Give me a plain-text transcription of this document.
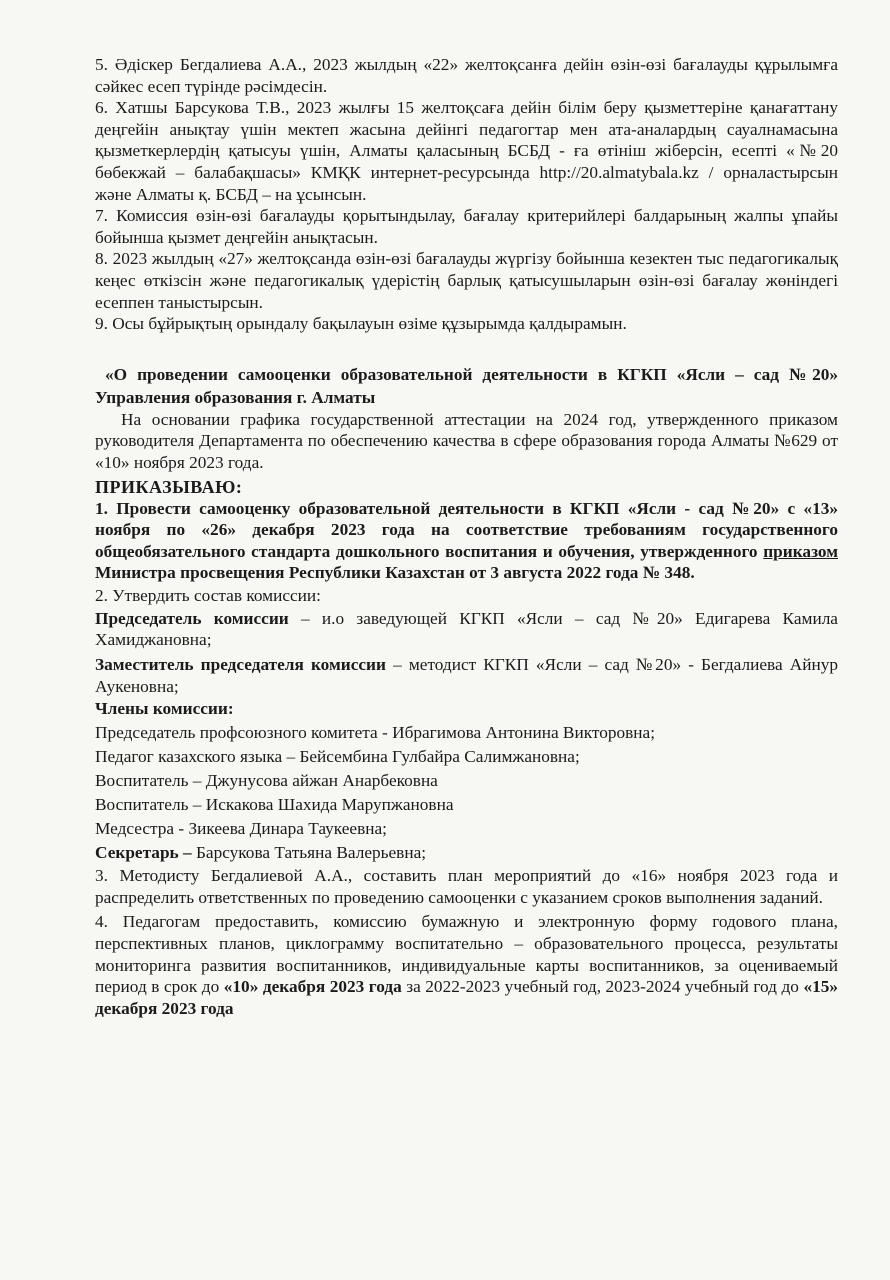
5. Әдіскер Бегдалиева А.А., 2023 жылдың «22» желтоқсанға дейін өзін-өзі бағалауды құрылымға сәйкес есеп түрінде рәсімдесін.

6. Хатшы Барсукова Т.В., 2023 жылғы 15 желтоқсаға дейін білім беру қызметтеріне қанағаттану деңгейін анықтау үшін мектеп жасына дейінгі педагогтар мен ата-аналардың сауалнамасына қызметкерлердің қатысуы үшін, Алматы қаласының БСБД - ға өтініш жіберсін, есепті «№20 бөбекжай – балабақшасы» КМҚК интернет-ресурсында http://20.almatybala.kz / орналастырсын және Алматы қ. БСБД – на ұсынсын.

7. Комиссия өзін-өзі бағалауды қорытындылау, бағалау критерийлері балдарының жалпы ұпайы бойынша қызмет деңгейін анықтасын.

8. 2023 жылдың «27» желтоқсанда өзін-өзі бағалауды жүргізу бойынша кезектен тыс педагогикалық кеңес өткізсін және педагогикалық үдерістің барлық қатысушыларын өзін-өзі бағалау жөніндегі есеппен таныстырсын.

9. Осы бұйрықтың орындалу бақылауын өзіме құзырымда қалдырамын.

«О проведении самооценки образовательной деятельности в КГКП «Ясли – сад №20» Управления образования г. Алматы

На основании графика государственной аттестации на 2024 год, утвержденного приказом руководителя Департамента по обеспечению качества в сфере образования города Алматы №629 от «10» ноября 2023 года.

ПРИКАЗЫВАЮ:

1. Провести самооценку образовательной деятельности в КГКП «Ясли - сад №20» с «13» ноября по «26» декабря 2023 года на соответствие требованиям государственного общеобязательного стандарта дошкольного воспитания и обучения, утвержденного приказом Министра просвещения Республики Казахстан от 3 августа 2022 года № 348.

2. Утвердить состав комиссии:

Председатель комиссии – и.о заведующей КГКП «Ясли – сад №20» Едигарева Камила Хамиджановна;

Заместитель председателя комиссии – методист КГКП «Ясли – сад №20» - Бегдалиева Айнур Аукеновна;

Члены комиссии:

Председатель профсоюзного комитета - Ибрагимова Антонина Викторовна;

Педагог казахского языка – Бейсембина Гулбайра Салимжановна;

Воспитатель – Джунусова айжан Анарбековна

Воспитатель – Искакова Шахида Марупжановна

Медсестра - Зикеева Динара Таукеевна;

Секретарь – Барсукова Татьяна Валерьевна;

3. Методисту Бегдалиевой А.А., составить план мероприятий до «16» ноября 2023 года и распределить ответственных по проведению самооценки с указанием сроков выполнения заданий.

4. Педагогам предоставить, комиссию бумажную и электронную форму годового плана, перспективных планов, циклограмму воспитательно – образовательного процесса, результаты мониторинга развития воспитанников, индивидуальные карты воспитанников, за оцениваемый период в срок до «10» декабря 2023 года за 2022-2023 учебный год, 2023-2024 учебный год до «15» декабря 2023 года
